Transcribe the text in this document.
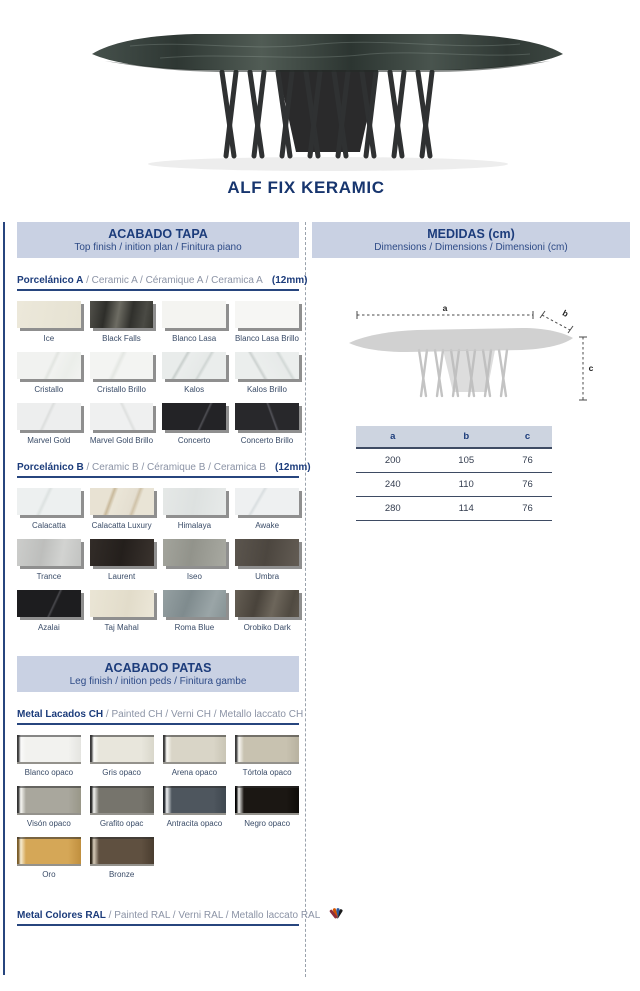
ALF FIX KERAMIC
ACABADO TAPA
Top finish / inition plan / Finitura piano
Porcelánico A / Ceramic A / Céramique A / Ceramica A (12mm)
Ice	Black Falls	Blanco Lasa	Blanco Lasa Brillo
Cristallo	Cristallo Brillo	Kalos	Kalos Brillo
Marvel Gold	Marvel Gold Brillo	Concerto	Concerto Brillo
Porcelánico B / Ceramic B / Céramique B / Ceramica B (12mm)
Calacatta	Calacatta Luxury	Himalaya	Awake
Trance	Laurent	Iseo	Umbra
Azalai	Taj Mahal	Roma Blue	Orobiko Dark
ACABADO PATAS
Leg finish / inition peds / Finitura gambe
Metal Lacados CH / Painted CH / Verni CH / Metallo laccato CH
Blanco opaco	Gris opaco	Arena opaco	Tórtola opaco
Visón opaco	Grafito opac	Antracita opaco	Negro opaco
Oro	Bronze
Metal Colores RAL / Painted RAL / Verni RAL / Metallo laccato RAL
MEDIDAS (cm)
Dimensions / Dimensions / Dimensioni (cm)
a	b
c
a	b	c
200	105	76
240	110	76
280	114	76
